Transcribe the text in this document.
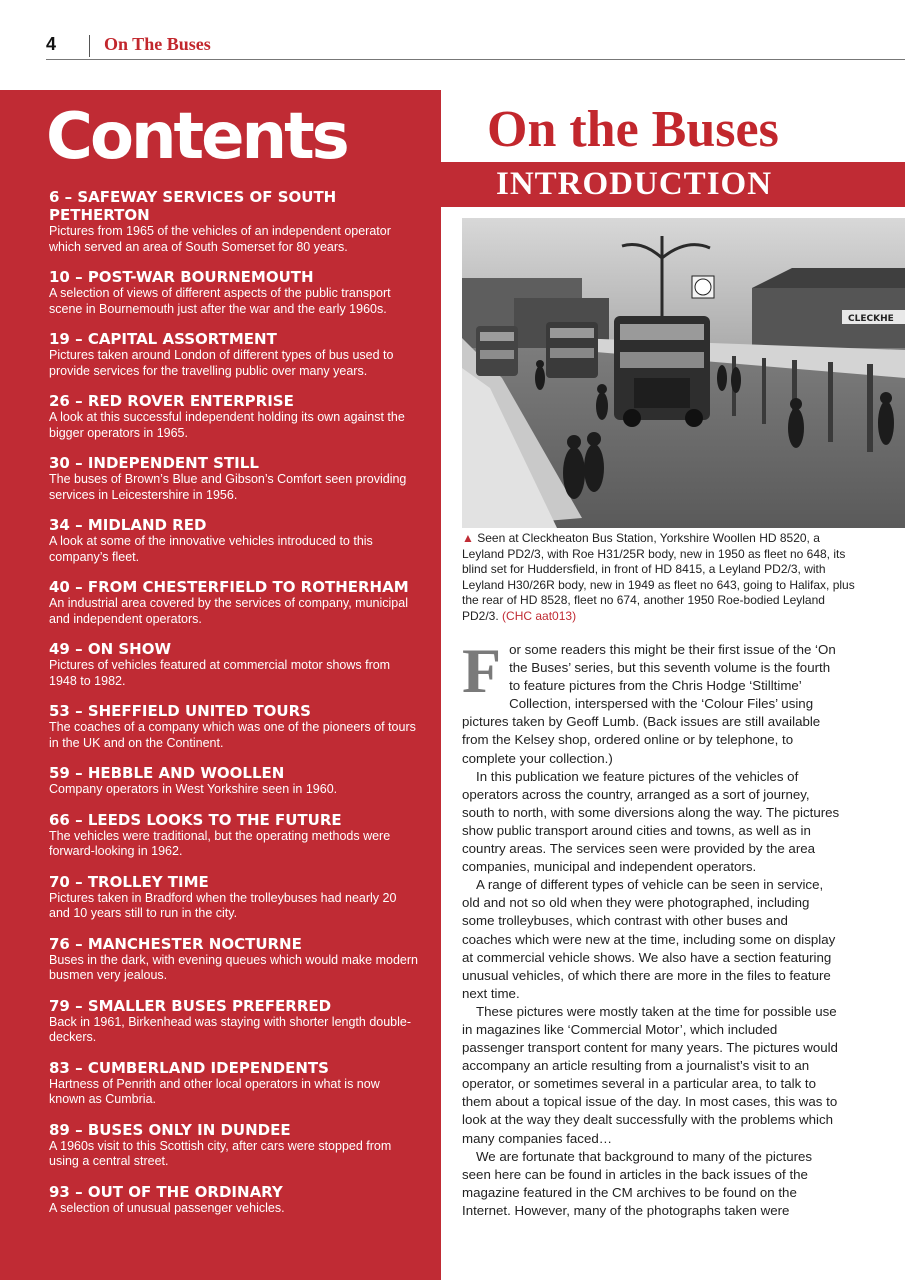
4	On The Buses
Contents
6 – SAFEWAY SERVICES OF SOUTH PETHERTON
Pictures from 1965 of the vehicles of an independent operator which served an area of South Somerset for 80 years.
10 – POST-WAR BOURNEMOUTH
A selection of views of different aspects of the public transport scene in Bournemouth just after the war and the early 1960s.
19 – CAPITAL ASSORTMENT
Pictures taken around London of different types of bus used to provide services for the travelling public over many years.
26 – RED ROVER ENTERPRISE
A look at this successful independent holding its own against the bigger operators in 1965.
30 – INDEPENDENT STILL
The buses of Brown’s Blue and Gibson’s Comfort seen providing services in Leicestershire in 1956.
34 – MIDLAND RED
A look at some of the innovative vehicles introduced to this company’s fleet.
40 – FROM CHESTERFIELD TO ROTHERHAM
An industrial area covered by the services of company, municipal and independent operators.
49 – ON SHOW
Pictures of vehicles featured at commercial motor shows from 1948 to 1982.
53 – SHEFFIELD UNITED TOURS
The coaches of a company which was one of the pioneers of tours in the UK and on the Continent.
59 – HEBBLE AND WOOLLEN
Company operators in West Yorkshire seen in 1960.
66 – LEEDS LOOKS TO THE FUTURE
The vehicles were traditional, but the operating methods were forward-looking in 1962.
70 – TROLLEY TIME
Pictures taken in Bradford when the trolleybuses had nearly 20 and 10 years still to run in the city.
76 – MANCHESTER NOCTURNE
Buses in the dark, with evening queues which would make modern busmen very jealous.
79 – SMALLER BUSES PREFERRED
Back in 1961, Birkenhead was staying with shorter length double-deckers.
83 – CUMBERLAND IDEPENDENTS
Hartness of Penrith and other local operators in what is now known as Cumbria.
89 – BUSES ONLY IN DUNDEE
A 1960s visit to this Scottish city, after cars were stopped from using a central street.
93 – OUT OF THE ORDINARY
A selection of unusual passenger vehicles.
On the Buses
INTRODUCTION
CLECKHE
▲ Seen at Cleckheaton Bus Station, Yorkshire Woollen HD 8520, a Leyland PD2/3, with Roe H31/25R body, new in 1950 as fleet no 648, its blind set for Huddersfield, in front of HD 8415, a Leyland PD2/3, with Leyland H30/26R body, new in 1949 as fleet no 643, going to Halifax, plus the rear of HD 8528, fleet no 674, another 1950 Roe-bodied Leyland PD2/3. (CHC aat013)
F or some readers this might be their first issue of the ‘On the Buses’ series, but this seventh volume is the fourth to feature pictures from the Chris Hodge ‘Stilltime’ Collection, interspersed with the ‘Colour Files’ using pictures taken by Geoff Lumb. (Back issues are still available from the Kelsey shop, ordered online or by telephone, to complete your collection.)

In this publication we feature pictures of the vehicles of operators across the country, arranged as a sort of journey, south to north, with some diversions along the way. The pictures show public transport around cities and towns, as well as in country areas. The services seen were provided by the area companies, municipal and independent operators.

A range of different types of vehicle can be seen in service, old and not so old when they were photographed, including some trolleybuses, which contrast with other buses and coaches which were new at the time, including some on display at commercial vehicle shows. We also have a section featuring unusual vehicles, of which there are more in the files to feature next time.

These pictures were mostly taken at the time for possible use in magazines like ‘Commercial Motor’, which included passenger transport content for many years. The pictures would accompany an article resulting from a journalist’s visit to an operator, or sometimes several in a particular area, to talk to them about a topical issue of the day. In most cases, this was to look at the way they dealt successfully with the problems which many companies faced…

We are fortunate that background to many of the pictures seen here can be found in articles in the back issues of the magazine featured in the CM archives to be found on the Internet. However, many of the photographs taken were
